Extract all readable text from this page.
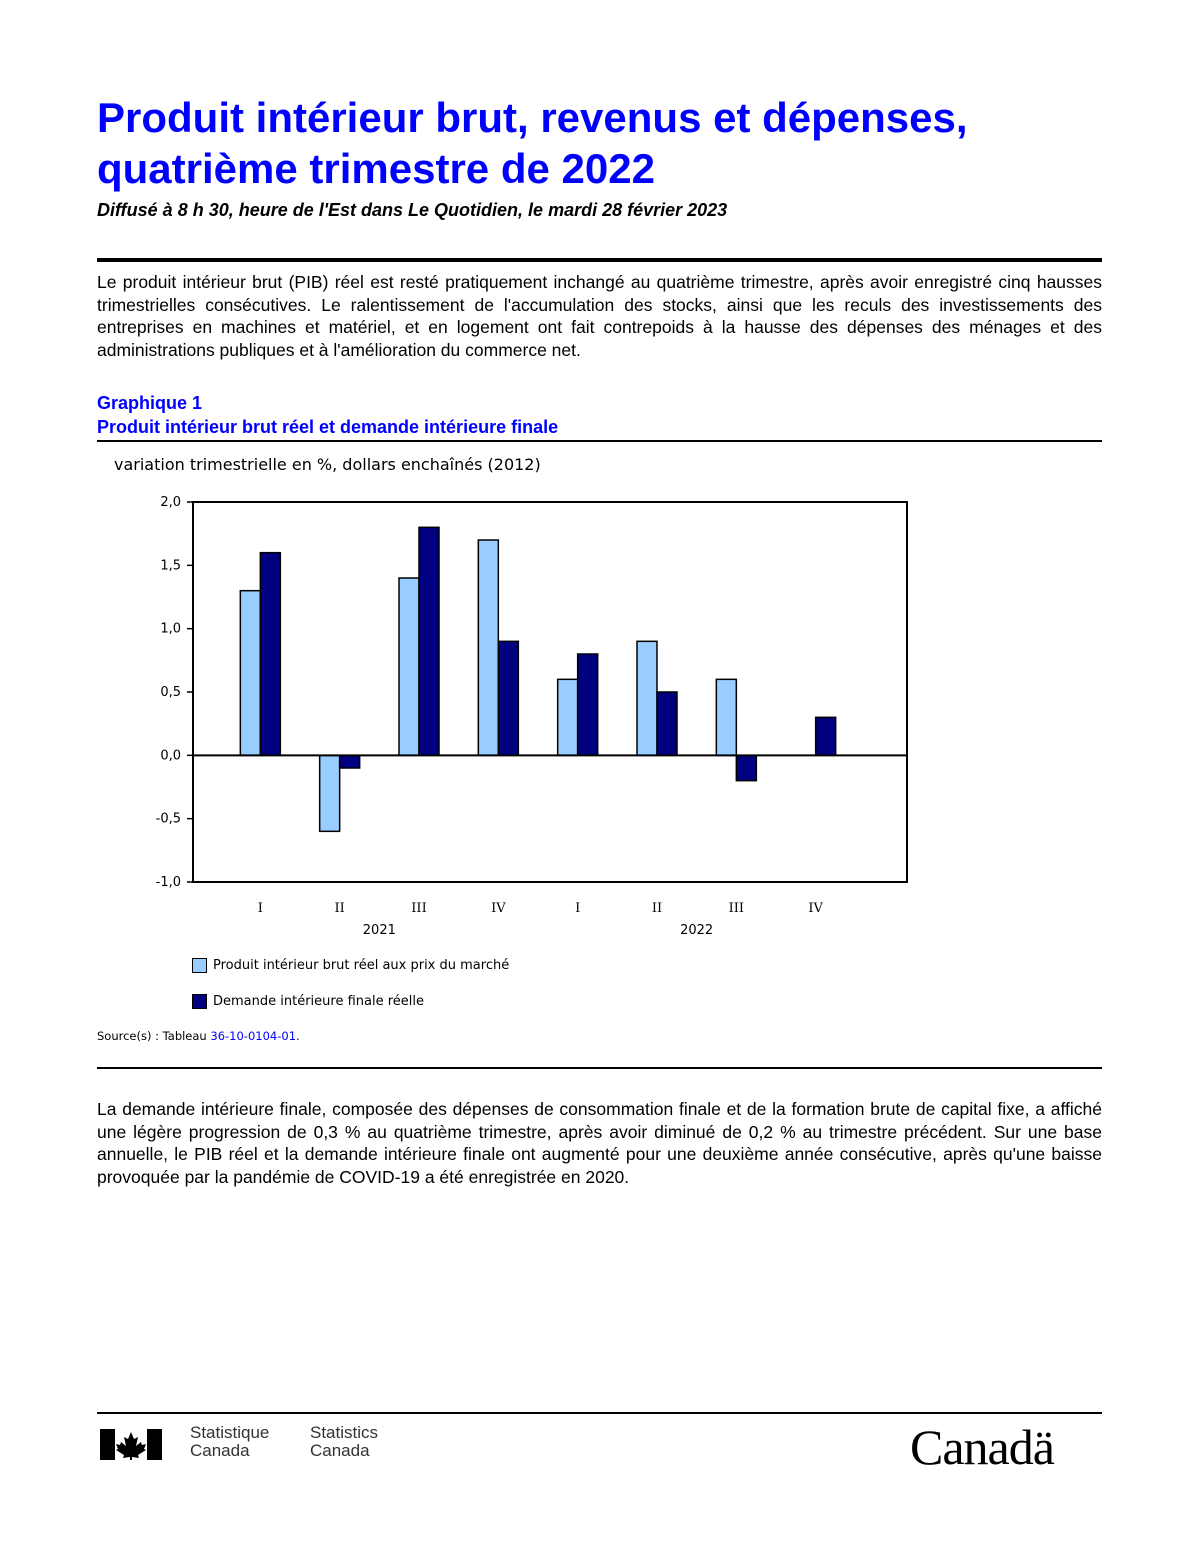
Produit intérieur brut, revenus et dépenses, quatrième trimestre de 2022

Diffusé à 8 h 30, heure de l'Est dans Le Quotidien, le mardi 28 février 2023

Le produit intérieur brut (PIB) réel est resté pratiquement inchangé au quatrième trimestre, après avoir enregistré cinq hausses trimestrielles consécutives. Le ralentissement de l'accumulation des stocks, ainsi que les reculs des investissements des entreprises en machines et matériel, et en logement ont fait contrepoids à la hausse des dépenses des ménages et des administrations publiques et à l'amélioration du commerce net.

Graphique 1

Produit intérieur brut réel et demande intérieure finale

variation trimestrielle en %, dollars enchaînés (2012)
-1,0
-0,5
0,0
0,5
1,0
1,5
2,0
I	II	III	IV	I	II	III	IV
2021	2022
Produit intérieur brut réel aux prix du marché
Demande intérieure finale réelle
Source(s) : Tableau 36-10-0104-01.

La demande intérieure finale, composée des dépenses de consommation finale et de la formation brute de capital fixe, a affiché une légère progression de 0,3 % au quatrième trimestre, après avoir diminué de 0,2 % au trimestre précédent. Sur une base annuelle, le PIB réel et la demande intérieure finale ont augmenté pour une deuxième année consécutive, après qu'une baisse provoquée par la pandémie de COVID-19 a été enregistrée en 2020.

Statistique
Canada
Statistics
Canada	Canadä
